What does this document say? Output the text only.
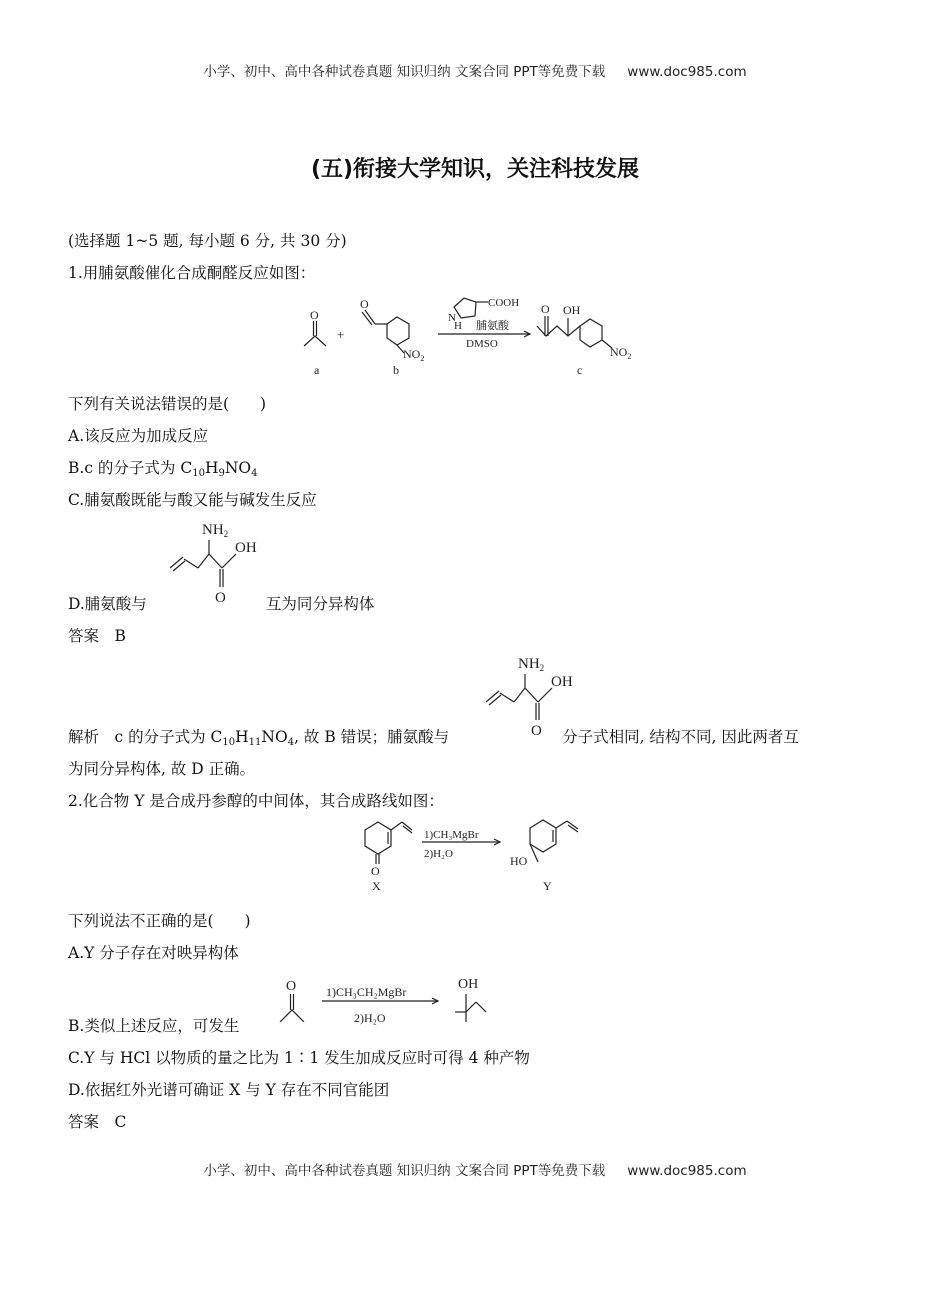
小学、初中、高中各种试卷真题 知识归纳 文案合同 PPT等免费下载 www.doc985.com
小学、初中、高中各种试卷真题 知识归纳 文案合同 PPT等免费下载 www.doc985.com
(五)衔接大学知识，关注科技发展
(选择题 1~5 题, 每小题 6 分, 共 30 分)
1.用脯氨酸催化合成酮醛反应如图：
O
+
O
$NO_2$
COOH
N
H 脯氨酸
DMSO
O OH
$NO_2$
a	b	c
下列有关说法错误的是(　　)
A.该反应为加成反应
B.c 的分子式为 $C_{10}H_9NO_4$
C.脯氨酸既能与酸又能与碱发生反应
$NH_2$
OH
O
D.脯氨酸与	互为同分异构体
答案　B
$NH_2$
OH
O
解析　c 的分子式为 $C_{10}H_{11}NO_4$, 故 B 错误；脯氨酸与	分子式相同, 结构不同, 因此两者互
为同分异构体, 故 D 正确。
2.化合物 Y 是合成丹参醇的中间体，其合成路线如图：
O
1)CH₃MgBr
2)H₂O	HO
X	Y
下列说法不正确的是(　　)
A.Y 分子存在对映异构体
O 1)CH₃CH₂MgBr
2)H₂O
OH
B.类似上述反应，可发生
C.Y 与 HCl 以物质的量之比为 1∶1 发生加成反应时可得 4 种产物
D.依据红外光谱可确证 X 与 Y 存在不同官能团
答案　C
